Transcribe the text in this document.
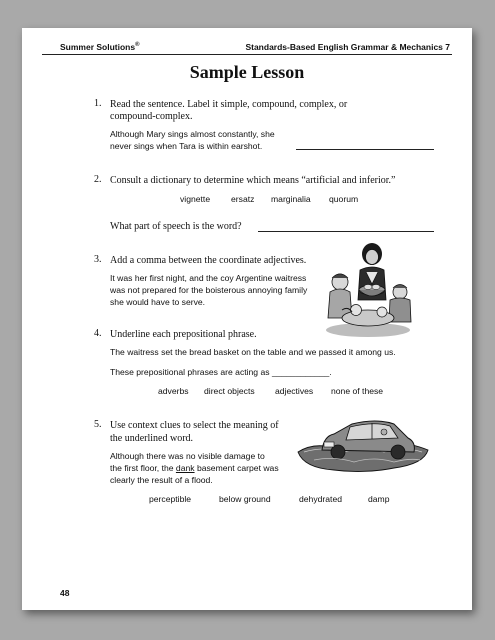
Summer Solutions®	Standards-Based English Grammar & Mechanics 7
Sample Lesson
1. Read the sentence. Label it simple, compound, complex, or
compound-complex.
Although Mary sings almost constantly, she
never sings when Tara is within earshot.
2. Consult a dictionary to determine which means “artificial and inferior.”
vignette ersatz marginalia quorum
What part of speech is the word?
3. Add a comma between the coordinate adjectives.
It was her first night, and the coy Argentine waitress
was not prepared for the boisterous annoying family
she would have to serve.
4. Underline each prepositional phrase.
The waitress set the bread basket on the table and we passed it among us.
These prepositional phrases are acting as ____________.
adverbs direct objects adjectives none of these
5. Use context clues to select the meaning of
the underlined word.
Although there was no visible damage to
the first floor, the dank basement carpet was
clearly the result of a flood.
perceptible	below ground	dehydrated	damp
48
